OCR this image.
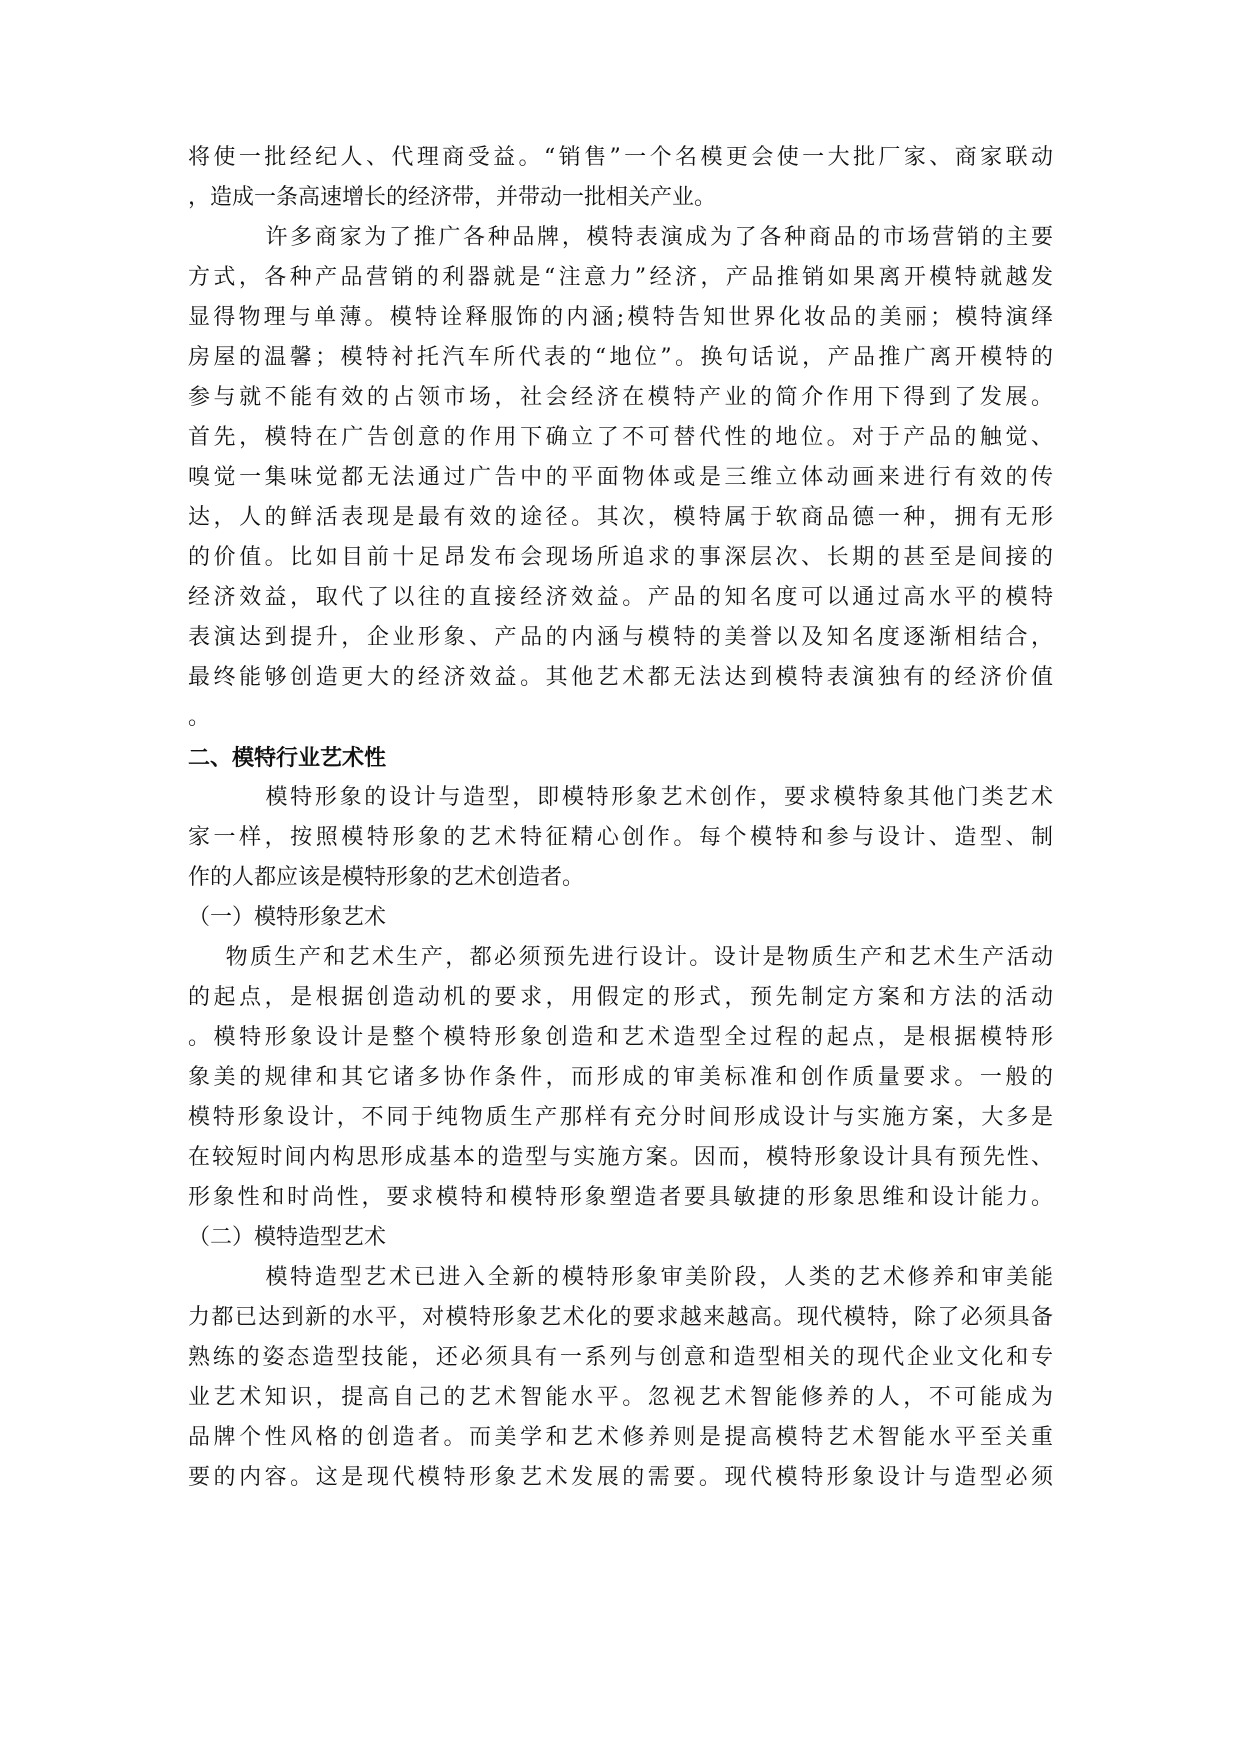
将使一批经纪人、代理商受益。“销售”一个名模更会使一大批厂家、商家联动
，造成一条高速增长的经济带，并带动一批相关产业。
许多商家为了推广各种品牌，模特表演成为了各种商品的市场营销的主要
方式，各种产品营销的利器就是“注意力”经济，产品推销如果离开模特就越发
显得物理与单薄。模特诠释服饰的内涵;模特告知世界化妆品的美丽；模特演绎
房屋的温馨；模特衬托汽车所代表的“地位”。换句话说，产品推广离开模特的
参与就不能有效的占领市场，社会经济在模特产业的简介作用下得到了发展。
首先，模特在广告创意的作用下确立了不可替代性的地位。对于产品的触觉、
嗅觉一集味觉都无法通过广告中的平面物体或是三维立体动画来进行有效的传
达，人的鲜活表现是最有效的途径。其次，模特属于软商品德一种，拥有无形
的价值。比如目前十足昂发布会现场所追求的事深层次、长期的甚至是间接的
经济效益，取代了以往的直接经济效益。产品的知名度可以通过高水平的模特
表演达到提升，企业形象、产品的内涵与模特的美誉以及知名度逐渐相结合，
最终能够创造更大的经济效益。其他艺术都无法达到模特表演独有的经济价值
。
二、模特行业艺术性
模特形象的设计与造型，即模特形象艺术创作，要求模特象其他门类艺术
家一样，按照模特形象的艺术特征精心创作。每个模特和参与设计、造型、制
作的人都应该是模特形象的艺术创造者。
（一）模特形象艺术
物质生产和艺术生产，都必须预先进行设计。设计是物质生产和艺术生产活动
的起点，是根据创造动机的要求，用假定的形式，预先制定方案和方法的活动
。模特形象设计是整个模特形象创造和艺术造型全过程的起点，是根据模特形
象美的规律和其它诸多协作条件，而形成的审美标准和创作质量要求。一般的
模特形象设计，不同于纯物质生产那样有充分时间形成设计与实施方案，大多是
在较短时间内构思形成基本的造型与实施方案。因而，模特形象设计具有预先性、
形象性和时尚性，要求模特和模特形象塑造者要具敏捷的形象思维和设计能力。
（二）模特造型艺术
模特造型艺术已进入全新的模特形象审美阶段，人类的艺术修养和审美能
力都已达到新的水平，对模特形象艺术化的要求越来越高。现代模特，除了必须具备
熟练的姿态造型技能，还必须具有一系列与创意和造型相关的现代企业文化和专
业艺术知识，提高自己的艺术智能水平。忽视艺术智能修养的人，不可能成为
品牌个性风格的创造者。而美学和艺术修养则是提高模特艺术智能水平至关重
要的内容。这是现代模特形象艺术发展的需要。现代模特形象设计与造型必须
